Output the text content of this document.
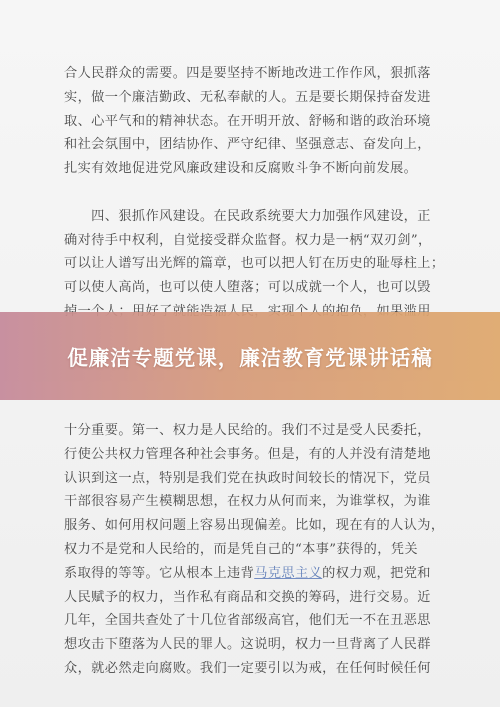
合人民群众的需要。四是要坚持不断地改进工作作风，狠抓落
实，做一个廉洁勤政、无私奉献的人。五是要长期保持奋发进
取、心平气和的精神状态。在开明开放、舒畅和谐的政治环境
和社会氛围中，团结协作、严守纪律、坚强意志、奋发向上，
扎实有效地促进党风廉政建设和反腐败斗争不断向前发展。

　　四、狠抓作风建设。在民政系统要大力加强作风建设，正
确对待手中权利，自觉接受群众监督。权力是一柄“双刃剑”，
可以让人谱写出光辉的篇章，也可以把人钉在历史的耻辱柱上；
可以使人高尚，也可以使人堕落；可以成就一个人，也可以毁

十分重要。第一、权力是人民给的。我们不过是受人民委托，
行使公共权力管理各种社会事务。但是，有的人并没有清楚地
认识到这一点，特别是我们党在执政时间较长的情况下，党员
干部很容易产生模糊思想，在权力从何而来，为谁掌权，为谁
服务、如何用权问题上容易出现偏差。比如，现在有的人认为，
权力不是党和人民给的，而是凭自己的“本事”获得的，凭关
系取得的等等。它从根本上违背马克思主义的权力观，把党和
人民赋予的权力，当作私有商品和交换的筹码，进行交易。近
几年，全国共查处了十几位省部级高官，他们无一不在丑恶思
想攻击下堕落为人民的罪人。这说明，权力一旦背离了人民群
众，就必然走向腐败。我们一定要引以为戒，在任何时候任何
促廉洁专题党课，廉洁教育党课讲话稿
